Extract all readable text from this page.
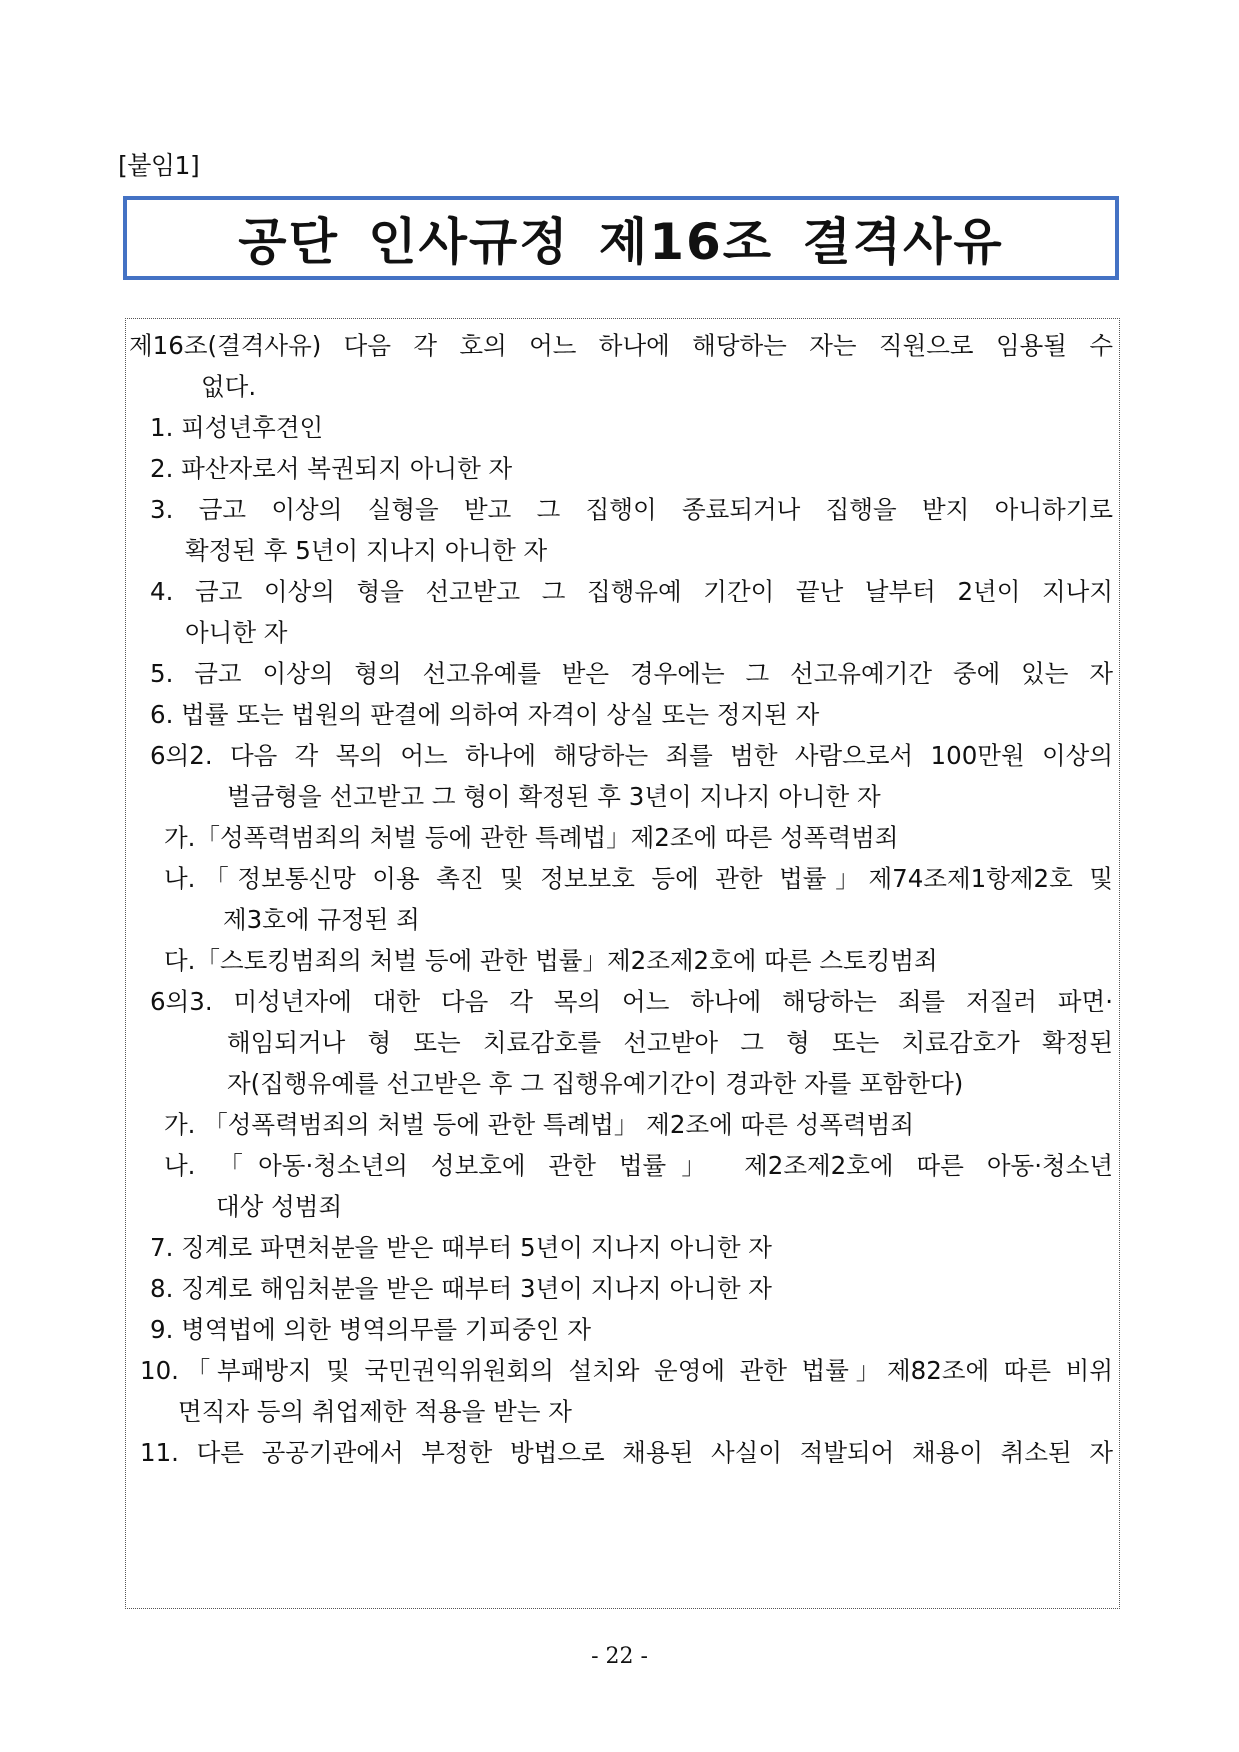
[붙임1]
공단 인사규정 제16조 결격사유
제16조(결격사유) 다음 각 호의 어느 하나에 해당하는 자는 직원으로 임용될 수
없다.
1. 피성년후견인
2. 파산자로서 복권되지 아니한 자
3. 금고 이상의 실형을 받고 그 집행이 종료되거나 집행을 받지 아니하기로
확정된 후 5년이 지나지 아니한 자
4. 금고 이상의 형을 선고받고 그 집행유예 기간이 끝난 날부터 2년이 지나지
아니한 자
5. 금고 이상의 형의 선고유예를 받은 경우에는 그 선고유예기간 중에 있는 자
6. 법률 또는 법원의 판결에 의하여 자격이 상실 또는 정지된 자
6의2. 다음 각 목의 어느 하나에 해당하는 죄를 범한 사람으로서 100만원 이상의
벌금형을 선고받고 그 형이 확정된 후 3년이 지나지 아니한 자
가.「성폭력범죄의 처벌 등에 관한 특례법」제2조에 따른 성폭력범죄
나.「정보통신망 이용 촉진 및 정보보호 등에 관한 법률」제74조제1항제2호 및
제3호에 규정된 죄
다.「스토킹범죄의 처벌 등에 관한 법률」제2조제2호에 따른 스토킹범죄
6의3. 미성년자에 대한 다음 각 목의 어느 하나에 해당하는 죄를 저질러 파면·
해임되거나 형 또는 치료감호를 선고받아 그 형 또는 치료감호가 확정된
자(집행유예를 선고받은 후 그 집행유예기간이 경과한 자를 포함한다)
가. 「성폭력범죄의 처벌 등에 관한 특례법」 제2조에 따른 성폭력범죄
나. 「아동·청소년의 성보호에 관한 법률」 제2조제2호에 따른 아동·청소년
대상 성범죄
7. 징계로 파면처분을 받은 때부터 5년이 지나지 아니한 자
8. 징계로 해임처분을 받은 때부터 3년이 지나지 아니한 자
9. 병역법에 의한 병역의무를 기피중인 자
10.「부패방지 및 국민권익위원회의 설치와 운영에 관한 법률」제82조에 따른 비위
면직자 등의 취업제한 적용을 받는 자
11. 다른 공공기관에서 부정한 방법으로 채용된 사실이 적발되어 채용이 취소된 자
- 22 -
